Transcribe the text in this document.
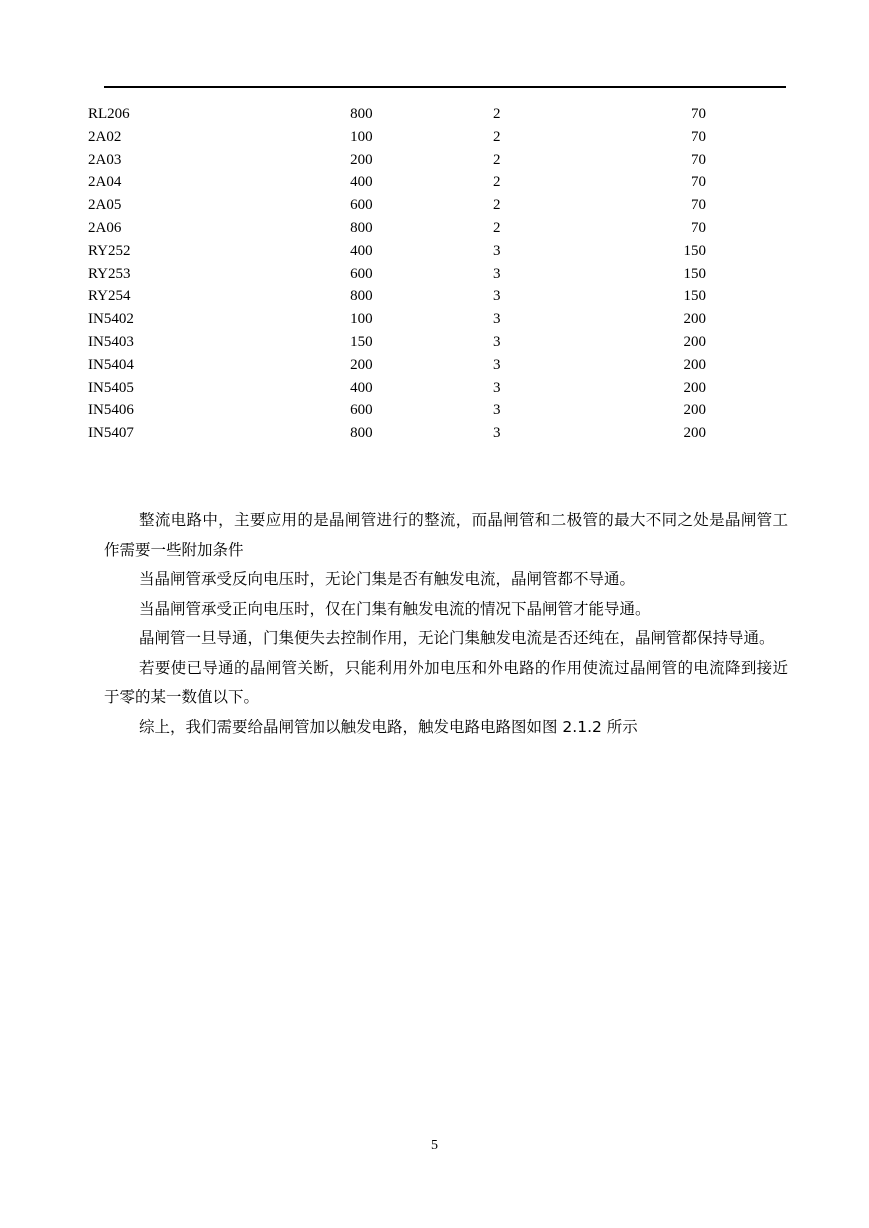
RL206	800	2	70
2A02	100	2	70
2A03	200	2	70
2A04	400	2	70
2A05	600	2	70
2A06	800	2	70
RY252	400	3	150
RY253	600	3	150
RY254	800	3	150
IN5402	100	3	200
IN5403	150	3	200
IN5404	200	3	200
IN5405	400	3	200
IN5406	600	3	200
IN5407	800	3	200

整流电路中，主要应用的是晶闸管进行的整流，而晶闸管和二极管的最大不同之处是晶闸管工作需要一些附加条件

当晶闸管承受反向电压时，无论门集是否有触发电流，晶闸管都不导通。

当晶闸管承受正向电压时，仅在门集有触发电流的情况下晶闸管才能导通。

晶闸管一旦导通，门集便失去控制作用，无论门集触发电流是否还纯在，晶闸管都保持导通。

若要使已导通的晶闸管关断，只能利用外加电压和外电路的作用使流过晶闸管的电流降到接近于零的某一数值以下。

综上，我们需要给晶闸管加以触发电路，触发电路电路图如图 2.1.2 所示

5
